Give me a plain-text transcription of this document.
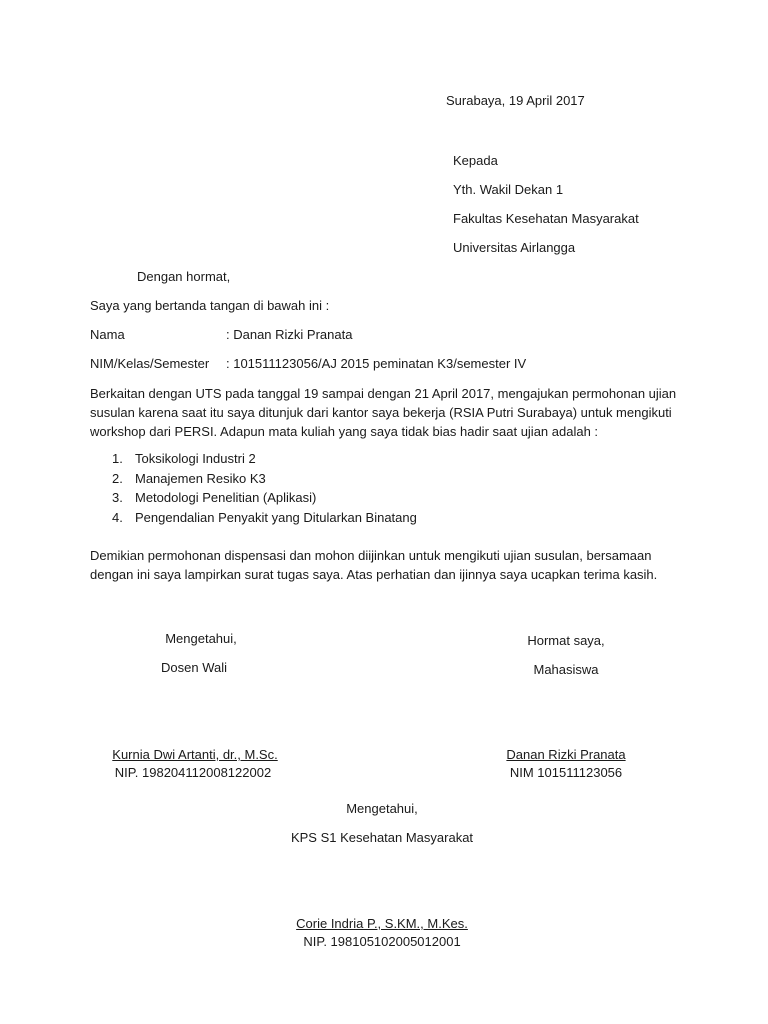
Surabaya, 19 April 2017
Kepada
Yth. Wakil Dekan 1
Fakultas Kesehatan Masyarakat
Universitas Airlangga
Dengan hormat,
Saya yang bertanda tangan di bawah ini :
Nama	: Danan Rizki Pranata
NIM/Kelas/Semester : 101511123056/AJ 2015 peminatan K3/semester IV
Berkaitan dengan UTS pada tanggal 19 sampai dengan 21 April 2017, mengajukan permohonan ujian susulan karena saat itu saya ditunjuk dari kantor saya bekerja (RSIA Putri Surabaya) untuk mengikuti workshop dari PERSI. Adapun mata kuliah yang saya tidak bias hadir saat ujian adalah :
1. Toksikologi Industri 2
2. Manajemen Resiko K3
3. Metodologi Penelitian (Aplikasi)
4. Pengendalian Penyakit yang Ditularkan Binatang
Demikian permohonan dispensasi dan mohon diijinkan untuk mengikuti ujian susulan, bersamaan dengan ini saya lampirkan surat tugas saya. Atas perhatian dan ijinnya saya ucapkan terima kasih.
Mengetahui,
Dosen Wali
Kurnia Dwi Artanti, dr., M.Sc.
NIP. 198204112008122002
Hormat saya,
Mahasiswa
Danan Rizki Pranata
NIM 101511123056
Mengetahui,
KPS S1 Kesehatan Masyarakat
Corie Indria P., S.KM., M.Kes.
NIP. 198105102005012001
